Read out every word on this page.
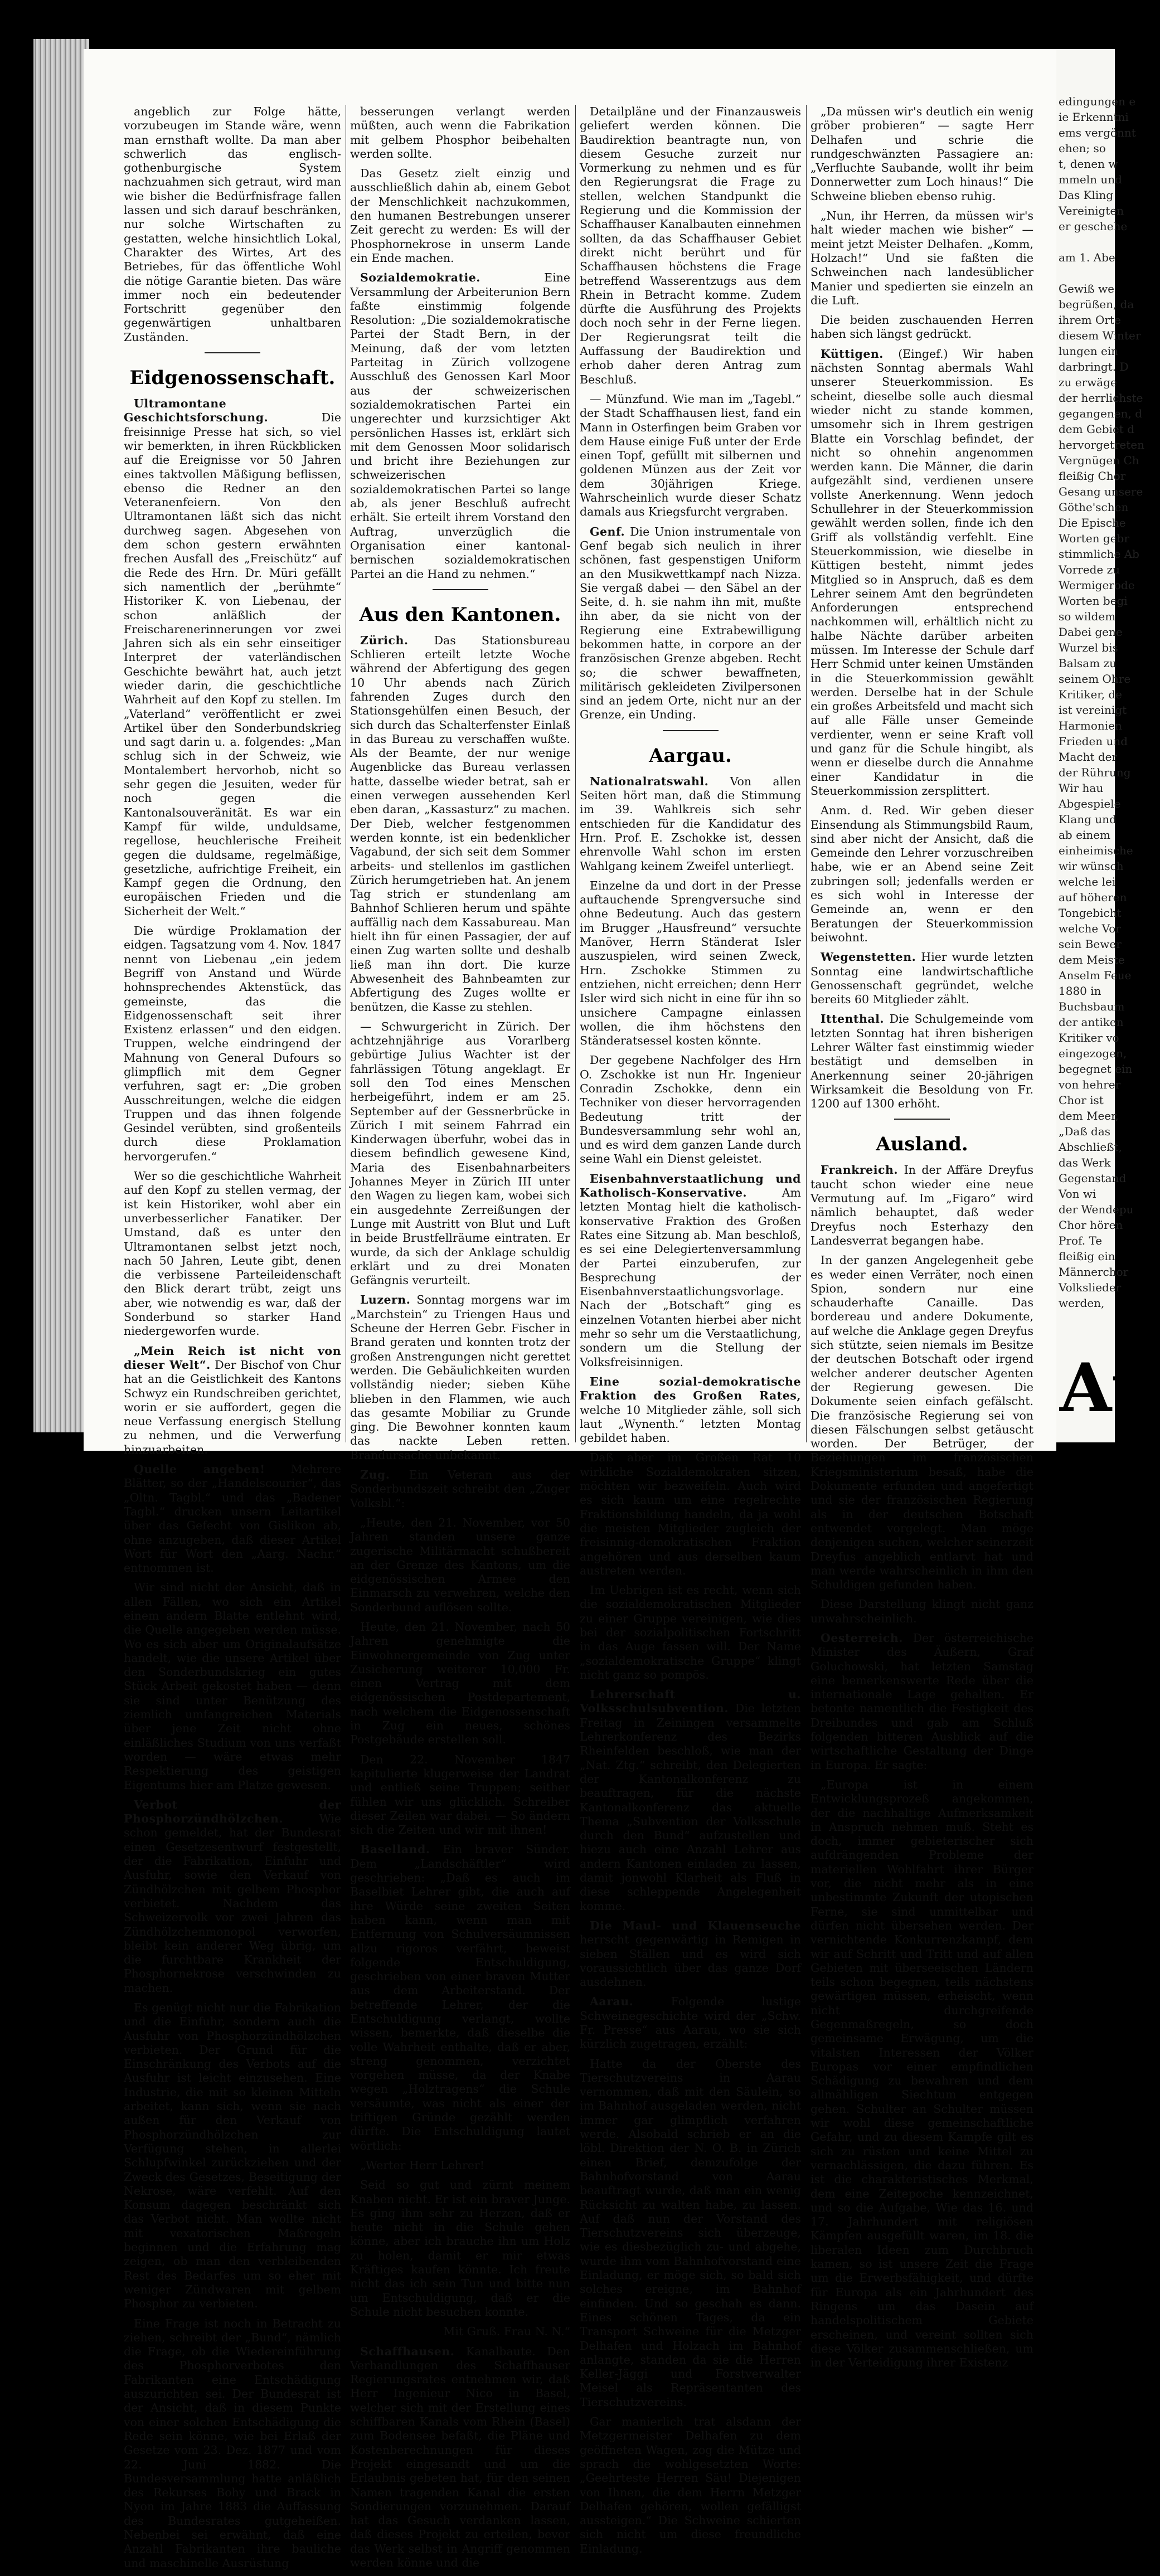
angeblich zur Folge hätte, vorzubeugen im Stande wäre, wenn man ernsthaft wollte. Da man aber schwerlich das englisch-gothenburgische System nachzuahmen sich getraut, wird man wie bisher die Bedürfnisfrage fallen lassen und sich darauf beschränken, nur solche Wirtschaften zu gestatten, welche hinsichtlich Lokal, Charakter des Wirtes, Art des Betriebes, für das öffentliche Wohl die nötige Garantie bieten. Das wäre immer noch ein bedeutender Fortschritt gegenüber den gegenwärtigen unhaltbaren Zuständen.

Eidgenossenschaft.

Ultramontane Geschichtsforschung.	Die freisinnige Presse hat sich, so viel wir bemerkten, in ihren Rückblicken auf die Ereignisse vor 50 Jahren eines taktvollen Mäßigung beflissen, ebenso die Redner an den Veteranenfeiern. Von den Ultramontanen läßt sich das nicht durchweg sagen. Abgesehen von dem schon gestern erwähnten frechen Ausfall des „Freischütz“ auf die Rede des Hrn. Dr. Müri gefällt sich namentlich der „berühmte“ Historiker K. von Liebenau, der schon anläßlich der Freischarenerinnerungen vor zwei Jahren sich als ein sehr einseitiger Interpret der vaterländischen Geschichte bewährt hat, auch jetzt wieder darin, die geschichtliche Wahrheit auf den Kopf zu stellen. Im „Vaterland“ veröffentlicht er zwei Artikel über den Sonderbundskrieg und sagt darin u. a. folgendes: „Man schlug sich in der Schweiz, wie Montalembert hervorhob, nicht so sehr gegen die Jesuiten, weder für noch gegen die Kantonalsouveränität. Es war ein Kampf für wilde, unduldsame, regellose, heuchlerische Freiheit gegen die duldsame, regelmäßige, gesetzliche, aufrichtige Freiheit, ein Kampf gegen die Ordnung, den europäischen Frieden und die Sicherheit der Welt.“

Die würdige Proklamation der eidgen. Tagsatzung vom 4. Nov. 1847 nennt von Liebenau „ein jedem Begriff von Anstand und Würde hohnsprechendes Aktenstück, das gemeinste, das die Eidgenossenschaft seit ihrer Existenz erlassen“ und den eidgen. Truppen, welche eindringend der Mahnung von General Dufours so glimpflich mit dem Gegner verfuhren, sagt er: „Die groben Ausschreitungen, welche die eidgen Truppen und das ihnen folgende Gesindel verübten, sind großenteils durch diese Proklamation hervorgerufen.“

Wer so die geschichtliche Wahrheit auf den Kopf zu stellen vermag, der ist kein Historiker, wohl aber ein unverbesserlicher Fanatiker. Der Umstand, daß es unter den Ultramontanen selbst jetzt noch, nach 50 Jahren, Leute gibt, denen die verbissene Parteileidenschaft den Blick derart trübt, zeigt uns aber, wie notwendig es war, daß der Sonderbund so starker Hand niedergeworfen wurde.

„Mein Reich ist nicht von dieser Welt“. Der Bischof von Chur hat an die Geistlichkeit des Kantons Schwyz ein Rundschreiben gerichtet, worin er sie auffordert, gegen die neue Verfassung energisch Stellung zu nehmen, und die Verwerfung hinzuarbeiten.

Quelle angeben! Mehrere Blätter, so der „Handelscourier“, das „Oltn. Tagbl.“ und das „Badener Tagbl.“ drucken unsern Leitartikel über das Gefecht von Gislikon ab, ohne anzugeben, daß dieser Artikel Wort für Wort den „Aarg. Nachr.“ entnommen ist.

Wir sind nicht der Ansicht, daß in allen Fällen, wo sich ein Artikel einem andern Blatte entlehnt wird, die Quelle angegeben werden müsse. Wo es sich aber um Originalaufsätze handelt, wie die unsere Artikel über den Sonderbundskrieg ein gutes Stück Arbeit gekostet haben — denn sie sind unter Benützung des ziemlich umfangreichen Materials über jene Zeit nicht ohne einläßliches Studium von uns verfaßt worden — wäre etwas mehr Respektierung des geistigen Eigentums hier am Platze gewesen.

Verbot der Phosphorzündhölzchen.	Wie schon gemeldet, hat der Bundesrat einen Gesetzesentwurf festgestellt, der die Fabrikation, Einfuhr und Ausfuhr, sowie den Verkauf von Zündhölzchen mit gelbem Phosphor verbietet. Nachdem das Schweizervolk vor zwei Jahren das Zündhölzchenmonopol verworfen, bleibt kein anderer Weg übrig, um die furchtbare Krankheit der Phosphornekrose verschwinden zu machen.

Es genügt nicht nur die Fabrikation und die Einfuhr, sondern auch die Ausfuhr von Phosphorzündhölzchen verbieten. Der Grund für die Einschränkung des Verbots auf die Ausfuhr ist leicht einzusehen. Eine Industrie, die mit so kleinen Mitteln arbeitet, kann sich, wenn sie nach außen für den Verkauf von Phosphorzündhölzchen zur Verfügung stehen, in allerlei Schlupfwinkel zurückziehen und der Zweck des Gesetzes, Beseitigung der Nekrose, wäre verfehlt. Auf den Konsum dagegen beschränkt sich das Verbot nicht. Man wollte nicht mit vexatorischen Maßregeln beginnen und die Erfahrung mag zeigen, ob man den verbleibenden Rest des Bedarfes um so eher mit weniger Zündwaren mit gelbem Phosphor zu verbieten.

Eine Frage ist noch in Betracht zu ziehen, schreibt der „Bund“, nämlich die Frage, ob die Wiedereinführung des Phosphorverbotes den Fabrikanten eine Entschädigung auszurichten sei. Der Bundesrat ist der Ansicht, daß in diesem Punkte von einer solchen Entschädigung die Rede sein könne, wie bei Erlaß der Gesetze vom 23. Dez. 1877 und vom 22. Juni 1882. Die Bundesversammlung hatte anläßlich des Rekurses Bohy und Brack in Nyon im Jahre 1883 die Auffassung des Bundesrates gutgeheißen. Nebenbei sei erwähnt, daß eine Anzahl Fabrikanten ihre bauliche und maschinelle Ausrüstung

besserungen verlangt werden müßten, auch wenn die Fabrikation mit gelbem Phosphor beibehalten werden sollte.

Das Gesetz zielt einzig und ausschließlich dahin ab, einem Gebot der Menschlichkeit nachzukommen, den humanen Bestrebungen unserer Zeit gerecht zu werden: Es will der Phosphornekrose in unserm Lande ein Ende machen.

Sozialdemokratie.	Eine Versammlung der Arbeiterunion Bern faßte einstimmig folgende Resolution: „Die sozialdemokratische Partei der Stadt Bern, in der Meinung, daß der vom letzten Parteitag in Zürich vollzogene Ausschluß des Genossen Karl Moor aus der schweizerischen sozialdemokratischen Partei ein ungerechter und kurzsichtiger Akt persönlichen Hasses ist, erklärt sich mit dem Genossen Moor solidarisch und bricht ihre Beziehungen zur schweizerischen sozialdemokratischen Partei so lange ab, als jener Beschluß aufrecht erhält. Sie erteilt ihrem Vorstand den Auftrag, unverzüglich die Organisation einer kantonal-bernischen sozialdemokratischen Partei an die Hand zu nehmen.“

Aus den Kantonen.

Zürich. Das Stationsbureau Schlieren erteilt letzte Woche während der Abfertigung des gegen 10 Uhr abends nach Zürich fahrenden Zuges durch den Stationsgehülfen einen Besuch, der sich durch das Schalterfenster Einlaß in das Bureau zu verschaffen wußte. Als der Beamte, der nur wenige Augenblicke das Bureau verlassen hatte, dasselbe wieder betrat, sah er einen verwegen aussehenden Kerl eben daran, „Kassasturz“ zu machen. Der Dieb, welcher festgenommen werden konnte, ist ein bedenklicher Vagabund, der sich seit dem Sommer arbeits- und stellenlos im gastlichen Zürich herumgetrieben hat. An jenem Tag strich er stundenlang am Bahnhof Schlieren herum und spähte auffällig nach dem Kassabureau. Man hielt ihn für einen Passagier, der auf einen Zug warten sollte und deshalb ließ man ihn dort. Die kurze Abwesenheit des Bahnbeamten zur Abfertigung des Zuges wollte er benützen, die Kasse zu stehlen.

— Schwurgericht in Zürich. Der achtzehnjährige aus Vorarlberg gebürtige Julius Wachter ist der fahrlässigen Tötung angeklagt. Er soll den Tod eines Menschen herbeigeführt, indem er am 25. September auf der Gessnerbrücke in Zürich I mit seinem Fahrrad ein Kinderwagen überfuhr, wobei das in diesem befindlich gewesene Kind, Maria des Eisenbahnarbeiters Johannes Meyer in Zürich III unter den Wagen zu liegen kam, wobei sich ein ausgedehnte Zerreißungen der Lunge mit Austritt von Blut und Luft in beide Brustfellräume eintraten. Er wurde, da sich der Anklage schuldig erklärt und zu drei Monaten Gefängnis verurteilt.

Luzern. Sonntag morgens war im „Marchstein“ zu Triengen Haus und Scheune der Herren Gebr. Fischer in Brand geraten und konnten trotz der großen Anstrengungen nicht gerettet werden. Die Gebäulichkeiten wurden vollständig nieder; sieben Kühe blieben in den Flammen, wie auch das gesamte Mobiliar zu Grunde ging. Die Bewohner konnten kaum das nackte Leben retten. Brandursache unbekannt.

Zug. Ein Veteran aus der Sonderbundszeit schreibt den „Zuger Volksbl.“:

„Heute, den 21. November, vor 50 Jahren standen unsere ganze zugerische Militärmacht schußbereit an der Grenze des Kantons, um die eidgenössischen Armee den Einmarsch zu verwehren, welche den Sonderbund auflösen sollte.

Heute, den 21. November, nach 50 Jahren genehmigte die Einwohnergemeinde von Zug unter Zusicherung weiterer 10,000 Fr. einen Vertrag mit dem eidgenössischen Postdepartement, nach welchem die Eidgenossenschaft in Zug ein neues, schönes Postgebäude erstellen soll.

Den 22. November 1847 kapitulierte klugerweise der Landrat und entließ seine Truppen; seither fühlen wir uns glücklich. Schreiber dieser Zeilen war dabei. — So ändern sich die Zeiten und wir mit ihnen!

Baselland. Ein braver Sünder. Dem „Landschäftler“ wird geschrieben: „Daß es auch im Baselbiet Lehrer gibt, die auch auf ihre Würde seine zweiten Seiten haben kann, wenn man mit Entfernung von Schulversäumnissen allzu rigoros verfährt, beweist folgende Entschuldigung, geschrieben von einer braven Mutter aus dem Arbeiterstand. Der betreffende Lehrer, der die Entschuldigung verlangt, wollte wissen, bemerkte, daß dieselbe die volle Wahrheit enthalte, daß er aber, streng genommen, verzichtet vorgehen müsse, da der Knabe wegen „Holztragens“ die Schule versäumte, was nicht als einer der triftigen Gründe gezählt werden dürfte. Die Entschuldigung lautet wörtlich:

„Werter Herr Lehrer!

Seid so gut und zürnt meinem Knaben nicht. Er ist ein braver Junge. Es ging ihm sehr zu Herzen, daß er heute nicht in die Schule gehen könne, aber ich brauche ihn um Holz zu holen, damit er mir etwas Kräftiges kaufen könnte. Ich freute nicht das ich sein Tun und bitte nun um Entschuldigung, daß er die Schule nicht besuchen konnte.

Mit Gruß. Frau N. N.“

Schaffhausen. Kanalbaute. Den Verhandlungen des Schaffhauser Regierungsrates entnehmen wir, daß Herr Ingenieur Nico in Basel, welcher sich mit der Erstellung eines schiffbaren Kanals vom Rhein (Basel) zum Bodensee befaßt, die Pläne und Kostenberechnungen für dieses Projekt eingesandt und um die Erlaubnis gebeten hat, für den seinen Namen tragenden Kanal die ersten Sondierungen vorzunehmen. Darauf hat das Gesuch verdanken lassen, daß dieses Projekt zu erteilen, bevor das Werk selbst in Angriff genommen werden könne und die

Detailpläne und der Finanzausweis geliefert werden können. Die Baudirektion beantragte nun, von diesem Gesuche zurzeit nur Vormerkung zu nehmen und es für den Regierungsrat die Frage zu stellen, welchen Standpunkt die Regierung und die Kommission der Schaffhauser Kanalbauten einnehmen sollten, da das Schaffhauser Gebiet direkt nicht berührt und für Schaffhausen höchstens die Frage betreffend Wasserentzugs aus dem Rhein in Betracht komme. Zudem dürfte die Ausführung des Projekts doch noch sehr in der Ferne liegen. Der Regierungsrat teilt die Auffassung der Baudirektion und erhob daher deren Antrag zum Beschluß.

— Münzfund. Wie man im „Tagebl.“ der Stadt Schaffhausen liest, fand ein Mann in Osterfingen beim Graben vor dem Hause einige Fuß unter der Erde einen Topf, gefüllt mit silbernen und goldenen Münzen aus der Zeit vor dem 30jährigen Kriege. Wahrscheinlich wurde dieser Schatz damals aus Kriegsfurcht vergraben.

Genf. Die Union instrumentale von Genf begab sich neulich in ihrer schönen, fast gespenstigen Uniform an den Musikwettkampf nach Nizza. Sie vergaß dabei — den Säbel an der Seite, d. h. sie nahm ihn mit, mußte ihn aber, da sie nicht von der Regierung eine Extrabewilligung bekommen hatte, in corpore an der französischen Grenze abgeben. Recht so; die schwer bewaffneten, militärisch gekleideten Zivilpersonen sind an jedem Orte, nicht nur an der Grenze, ein Unding.

Aargau.

Nationalratswahl. Von allen Seiten hört man, daß die Stimmung im 39. Wahlkreis sich sehr entschieden für die Kandidatur des Hrn. Prof. E. Zschokke ist, dessen ehrenvolle Wahl schon im ersten Wahlgang keinem Zweifel unterliegt.

Einzelne da und dort in der Presse auftauchende Sprengversuche sind ohne Bedeutung. Auch das gestern im Brugger „Hausfreund“ versuchte Manöver, Herrn Ständerat Isler auszuspielen, wird seinen Zweck, Hrn. Zschokke Stimmen zu entziehen, nicht erreichen; denn Herr Isler wird sich nicht in eine für ihn so unsichere Campagne einlassen wollen, die ihm höchstens den Ständeratsessel kosten könnte.

Der gegebene Nachfolger des Hrn O. Zschokke ist nun Hr. Ingenieur Conradin Zschokke, denn ein Techniker von dieser hervorragenden Bedeutung tritt der Bundesversammlung sehr wohl an, und es wird dem ganzen Lande durch seine Wahl ein Dienst geleistet.

Eisenbahnverstaatlichung und Katholisch-Konservative.	Am letzten Montag hielt die katholisch-konservative Fraktion des Großen Rates eine Sitzung ab. Man beschloß, es sei eine Delegiertenversammlung der Partei einzuberufen, zur Besprechung der Eisenbahnverstaatlichungsvorlage. Nach der „Botschaft“ ging es einzelnen Votanten hierbei aber nicht mehr so sehr um die Verstaatlichung, sondern um die Stellung der Volksfreisinnigen.

Eine sozial-demokratische Fraktion des Großen Rates, welche 10 Mitglieder zähle, soll sich laut „Wynenth.“ letzten Montag gebildet haben.

Daß aber im Großen Rat 10 wirkliche Sozialdemokraten sitzen, möchten wir bezweifeln. Auch wird es sich kaum um eine regelrechte Fraktionsbildung handeln, da ja wohl die meisten Mitglieder zugleich der freisinnig-demokratischen Fraktion angehören und aus derselben kaum austreten werden.

Im Uebrigen ist es recht, wenn sich die sozialdemokratischen Mitglieder zu einer Gruppe vereinigen, wie dies bei der sozialpolitischen Fortschritt in das Auge fassen will. Der Name „sozialdemokratische Gruppe“ klingt nicht ganz so pompös.

Lehrerschaft u. Volksschulsubvention. Die letzten Freitag in Zeiningen versammelte Lehrerkonferenz des Bezirks Rheinfelden beschloß, wie man der „Nat. Ztg.“ schreibt, den Delegierten der Kantonalkonferenz zu beauftragen, für die nächste Kantonalkonferenz das aktuelle Thema „Subvention der Volksschule durch den Bund“ aufzustellen und hiezu auch eine Anzahl Lehrer aus andern Kantonen einladen zu lassen, damit jonwohl Klarheit als Fluß in diese schleppende Angelegenheit komme.

Die Maul- und Klauenseuche herrscht gegenwärtig in Remigen in sieben Ställen und es wird sich voraussichtlich über das ganze Dorf ausdehnen.

Aarau.	Folgende lustige Schweinegeschichte wird der „Schw. Fr. Presse“ aus Aarau, wo sie sich kürzlich zugetragen, erzählt:

Hatte da der Oberste des Tierschutzvereins in Aarau vernommen, daß mit den Säulein, so im Bahnhof ausgeladen werden, nicht immer gar glimpflich verfahren werde. Alsobald schrieb er an die löbl. Direktion der N. O. B. in Zürich einen Brief, demzufolge der Bahnhofvorstand von Aarau beauftragt wurde, daß man ein wenig Rücksicht zu walten habe, zu lassen. Auf daß nun der Vorstand des Tierschutzvereins sich überzeuge, wie es diesbezüglich zu- und abgehe, wurde ihm vom Bahnhofvorstand eine Einladung, er möge sich, so bald sich solches ereigne, im Bahnhof einfinden. Und so geschah es dann. Eines schönen Tages, da ein Transport Schweine für die Metzger Delhafen und Holzach im Bahnhof anlangte, standen da sie die Herren Keller-Jäggi und Forstverwalter Meisel als Repräsentanten des Tierschutzvereins.

Gar manierlich trat alsdann der Metzgermeister Delhafen zu dem geöffneten Wagen, zog die Mütze und sprach die wohlgesetzten Worte: „Geehrteste Herren Säu! Diejenigen von Ihnen, die dem Herrn Metzger Delhafen gehören, wollen gefälligst aussteigen.“ Die Schweine schierten sich nicht um diese freundliche Einladung.

„Da müssen wir's deutlich ein wenig gröber probieren“ — sagte Herr Delhafen und schrie die rundgeschwänzten Passagiere an: „Verfluchte Saubande, wollt ihr beim Donnerwetter zum Loch hinaus!“ Die Schweine blieben ebenso ruhig.

„Nun, ihr Herren, da müssen wir's halt wieder machen wie bisher“ — meint jetzt Meister Delhafen. „Komm, Holzach!“ Und sie faßten die Schweinchen nach landesüblicher Manier und spedierten sie einzeln an die Luft.

Die beiden zuschauenden Herren haben sich längst gedrückt.

Küttigen. (Eingef.) Wir haben nächsten Sonntag abermals Wahl unserer Steuerkommission. Es scheint, dieselbe solle auch diesmal wieder nicht zu stande kommen, umsomehr sich in Ihrem gestrigen Blatte ein Vorschlag befindet, der nicht so ohnehin angenommen werden kann. Die Männer, die darin aufgezählt sind, verdienen unsere vollste Anerkennung. Wenn jedoch Schullehrer in der Steuerkommission gewählt werden sollen, finde ich den Griff als vollständig verfehlt. Eine Steuerkommission, wie dieselbe in Küttigen besteht, nimmt jedes Mitglied so in Anspruch, daß es dem Lehrer seinem Amt den begründeten Anforderungen entsprechend nachkommen will, erhältlich nicht zu halbe Nächte darüber arbeiten müssen. Im Interesse der Schule darf Herr Schmid unter keinen Umständen in die Steuerkommission gewählt werden. Derselbe hat in der Schule ein großes Arbeitsfeld und macht sich auf alle Fälle unser Gemeinde verdienter, wenn er seine Kraft voll und ganz für die Schule hingibt, als wenn er dieselbe durch die Annahme einer Kandidatur in die Steuerkommission zersplittert.

Anm. d. Red. Wir geben dieser Einsendung als Stimmungsbild Raum, sind aber nicht der Ansicht, daß die Gemeinde den Lehrer vorzuschreiben habe, wie er an Abend seine Zeit zubringen soll; jedenfalls werden er es sich wohl in Interesse der Gemeinde an, wenn er den Beratungen der Steuerkommission beiwohnt.

Wegenstetten. Hier wurde letzten Sonntag eine landwirtschaftliche Genossenschaft gegründet, welche bereits 60 Mitglieder zählt.

Ittenthal. Die Schulgemeinde vom letzten Sonntag hat ihren bisherigen Lehrer Wälter fast einstimmig wieder bestätigt und demselben in Anerkennung seiner 20-jährigen Wirksamkeit die Besoldung von Fr. 1200 auf 1300 erhöht.

Ausland.

Frankreich. In der Affäre Dreyfus taucht schon wieder eine neue Vermutung auf. Im „Figaro“ wird nämlich behauptet, daß weder Dreyfus noch Esterhazy den Landesverrat begangen habe.

In der ganzen Angelegenheit gebe es weder einen Verräter, noch einen Spion, sondern nur eine schauderhafte Canaille. Das bordereau und andere Dokumente, auf welche die Anklage gegen Dreyfus sich stützte, seien niemals im Besitze der deutschen Botschaft oder irgend welcher anderer deutscher Agenten der Regierung gewesen. Die Dokumente seien einfach gefälscht. Die französische Regierung sei von diesen Fälschungen selbst getäuscht worden. Der Betrüger, der Beziehungen im französischen Kriegsministerium besaß, habe die Dokumente erfunden und angefertigt und sie der französischen Regierung als in der deutschen Botschaft entwendet vorgelegt. Man möge denjenigen suchen, welcher seinerzeit Dreyfus angeblich entlarvt hat und man werde wahrscheinlich in ihm den Schuldigen gefunden haben.

Diese Darstellung klingt nicht ganz unwahrscheinlich.

Oesterreich. Der österreichische Minister des Äußern, Graf Goluchowski, hat letzten Samstag eine bemerkenswerte Rede über die internationale Lage gehalten. Er betonte namentlich die Festigkeit des Dreibundes und gab am Schluß folgenden bitteren Ausblick auf die wirtschaftliche Gestaltung der Dinge in Europa. Er sagte:

„Europa ist in einem Entwicklungsprozeß angekommen, der die nachhaltige Aufmerksamkeit in Anspruch nehmen muß. Steht es doch, immer gebieterischer sich aufdrängenden Probleme der materiellen Wohlfahrt ihrer Bürger vor, die nicht mehr als in eine unbestimmte Zukunft der utopischen Ferne, sie sind unmittelbar und dürfen nicht übersehen werden. Der vernichtende Konkurrenzkampf, dem wir auf Schritt und Tritt und auf allen Gebieten mit überseeischen Ländern teils schon begegnen, teils nächstens gewärtigen müssen, erheischt, wenn nicht durchgreifende Gegenmaßregeln, so doch gemeinsame Erwägung, um die vitalsten Interessen der Völker Europas vor einer empfindlichen Schädigung zu bewahren und dem allmähligen Siechtum entgegen gehen. Schulter an Schulter müssen wir wohl diese gemeinschaftliche Gefahr, und zu diesem Kampfe gilt es sich zu rüsten und keine Mittel zu vernachlässigen, die dazu führen. Es ist die charakteristisches Merkmal, dem eine Zeitepoche kennzeichnet, und so die Aufgabe, Wie das 16. und 17. Jahrhundert mit religiösen Kämpfen ausgefüllt waren, im 18. die liberalen Ideen zum Durchbruch kamen, so ist unsere Zeit die Frage um die Erwerbsfähigkeit, und dürfte für Europa als ein Jahrhundert des Ringens um das Dasein auf handelspolitischem Gebiete erscheinen, und vereint sollten sich diese Völker zusammenschließen, um in der Verteidigung ihrer Existenz

edingungen e
ie Erkenntni
ems vergönnt
ehen; so
t, denen w
mmeln und
Das Kling
Vereinigten
er geschehe

am 1. Abe

Gewiß we
begrüßen, da
ihrem Orte
diesem Winter
lungen ein
darbringt. D
zu erwäge
der herrlichste
gegangenen, d
dem Gebiet d
hervorgetreten
Vergnügen Ch
fleißig Chor
Gesang unsere
Göthe'schen
Die Epische
Worten gebr
stimmliche Ab
Vorrede zu
Wermigerode
Worten begi
so wildem
Dabei gene
Wurzel bis
Balsam zu
seinem Ohre
Kritiker, de
ist vereinigt
Harmonien
Frieden und
Macht der
der Rührung
Wir hau
Abgespiele
Klang und
ab einem
einheimische
wir wünsch
welche lei
auf höheren
Tongebicht
welche Vor
sein Bewer
dem Meiste
Anselm Feue
1880 in
Buchsbaum
der antiken
Kritiker vo
eingezogen,
begegnet ein
von hehrer
Chor ist
dem Meer,
„Daß das
Abschließt,
das Werk
Gegenstand
Von wi
der Wendepu
Chor hören
Prof. Te
fleißig ein
Männerchor
Volkslieder
werden,

Au
